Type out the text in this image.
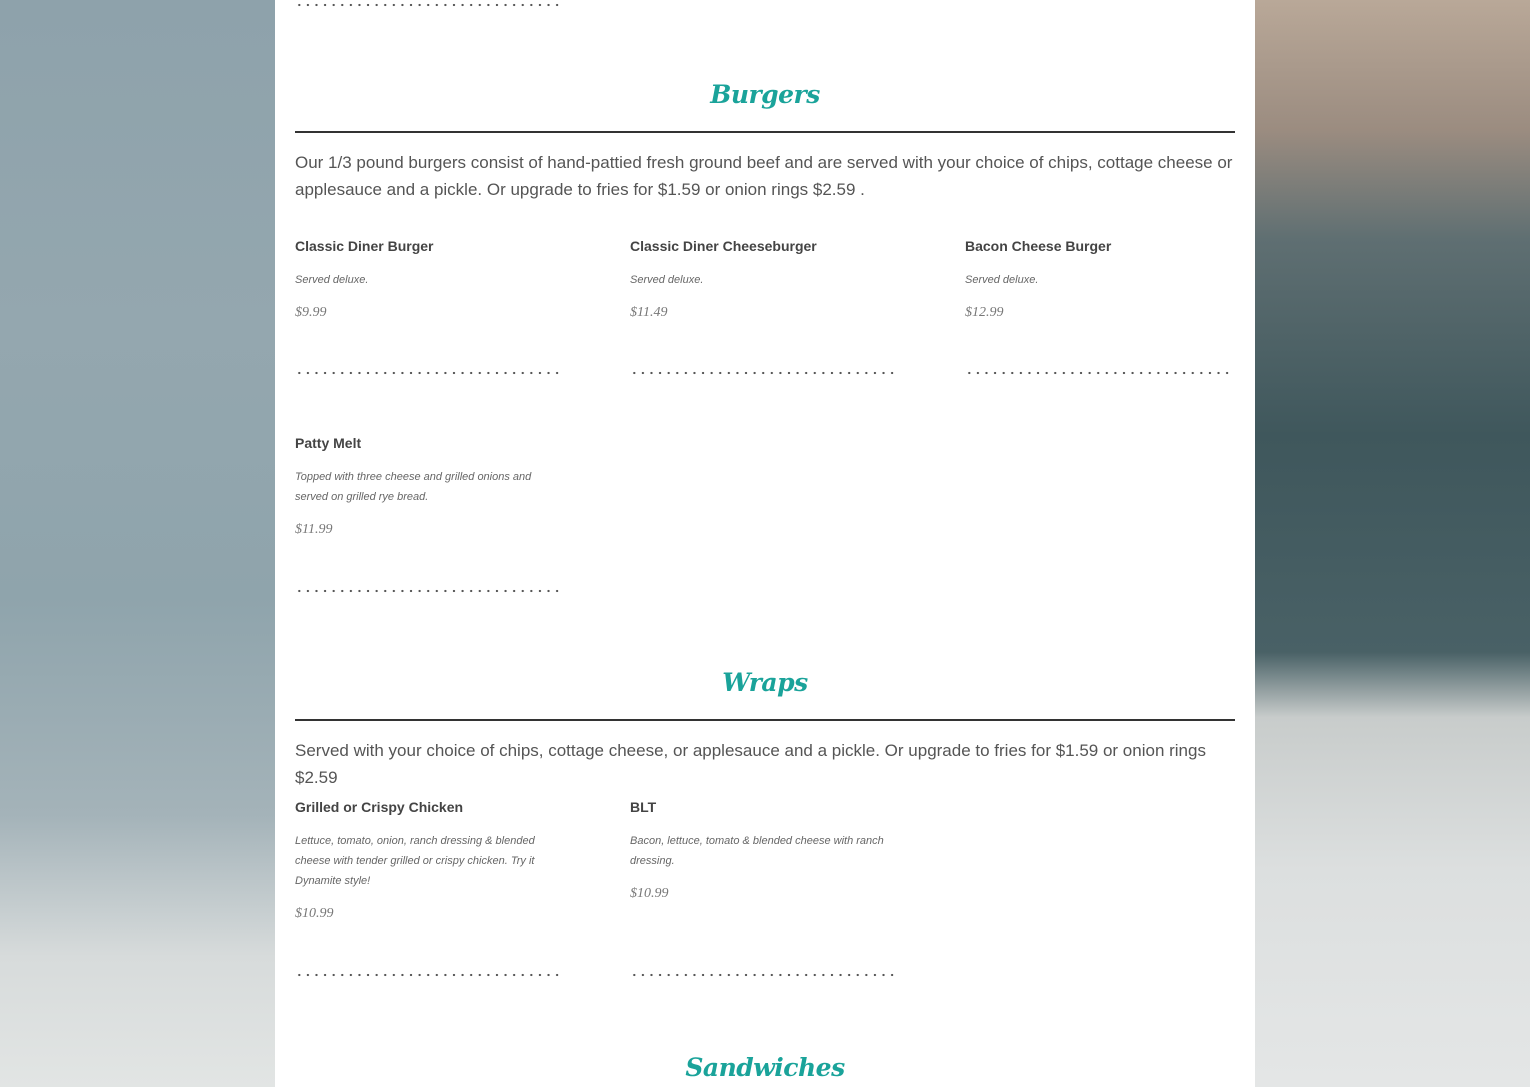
Burgers
Our 1/3 pound burgers consist of hand-pattied fresh ground beef and are served with your choice of chips, cottage cheese or applesauce and a pickle. Or upgrade to fries for $1.59 or onion rings $2.59 .
Classic Diner Burger
Served deluxe.
$9.99
Classic Diner Cheeseburger
Served deluxe.
$11.49
Bacon Cheese Burger
Served deluxe.
$12.99
Patty Melt
Topped with three cheese and grilled onions and served on grilled rye bread.
$11.99
Wraps
Served with your choice of chips, cottage cheese, or applesauce and a pickle. Or upgrade to fries for $1.59 or onion rings $2.59
Grilled or Crispy Chicken
Lettuce, tomato, onion, ranch dressing & blended cheese with tender grilled or crispy chicken. Try it Dynamite style!
$10.99
BLT
Bacon, lettuce, tomato & blended cheese with ranch dressing.
$10.99
Sandwiches
